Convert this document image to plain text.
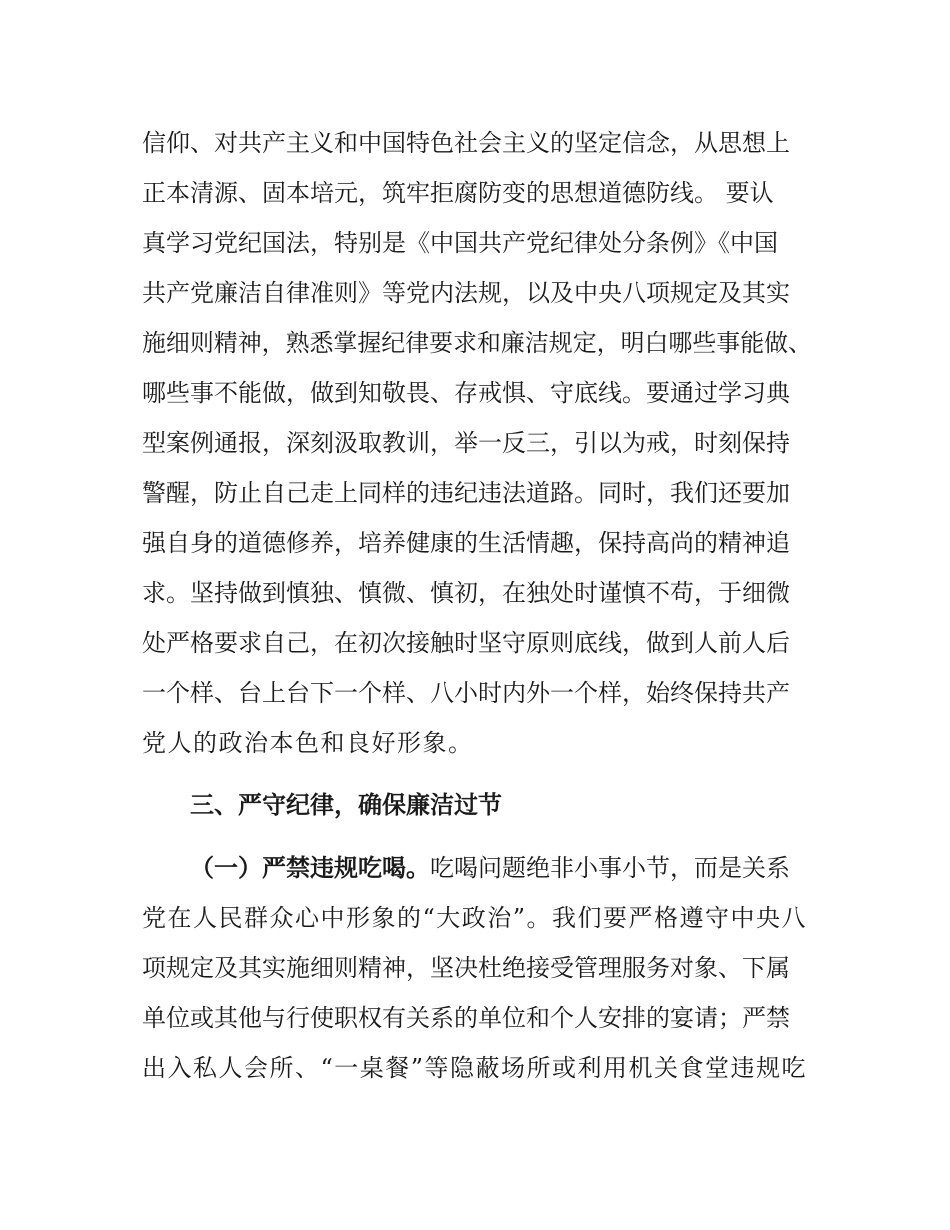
信仰、对共产主义和中国特色社会主义的坚定信念，从思想上
正本清源、固本培元，筑牢拒腐防变的思想道德防线。 要认
真学习党纪国法，特别是《中国共产党纪律处分条例》《中国
共产党廉洁自律准则》等党内法规，以及中央八项规定及其实
施细则精神，熟悉掌握纪律要求和廉洁规定，明白哪些事能做、
哪些事不能做，做到知敬畏、存戒惧、守底线。要通过学习典
型案例通报，深刻汲取教训，举一反三，引以为戒，时刻保持
警醒，防止自己走上同样的违纪违法道路。同时，我们还要加
强自身的道德修养，培养健康的生活情趣，保持高尚的精神追
求。坚持做到慎独、慎微、慎初，在独处时谨慎不苟，于细微
处严格要求自己，在初次接触时坚守原则底线，做到人前人后
一个样、台上台下一个样、八小时内外一个样，始终保持共产
党人的政治本色和良好形象。
三、严守纪律，确保廉洁过节
（一）严禁违规吃喝。吃喝问题绝非小事小节，而是关系
党在人民群众心中形象的“大政治”。我们要严格遵守中央八
项规定及其实施细则精神，坚决杜绝接受管理服务对象、下属
单位或其他与行使职权有关系的单位和个人安排的宴请；严禁
出入私人会所、“一桌餐”等隐蔽场所或利用机关食堂违规吃
